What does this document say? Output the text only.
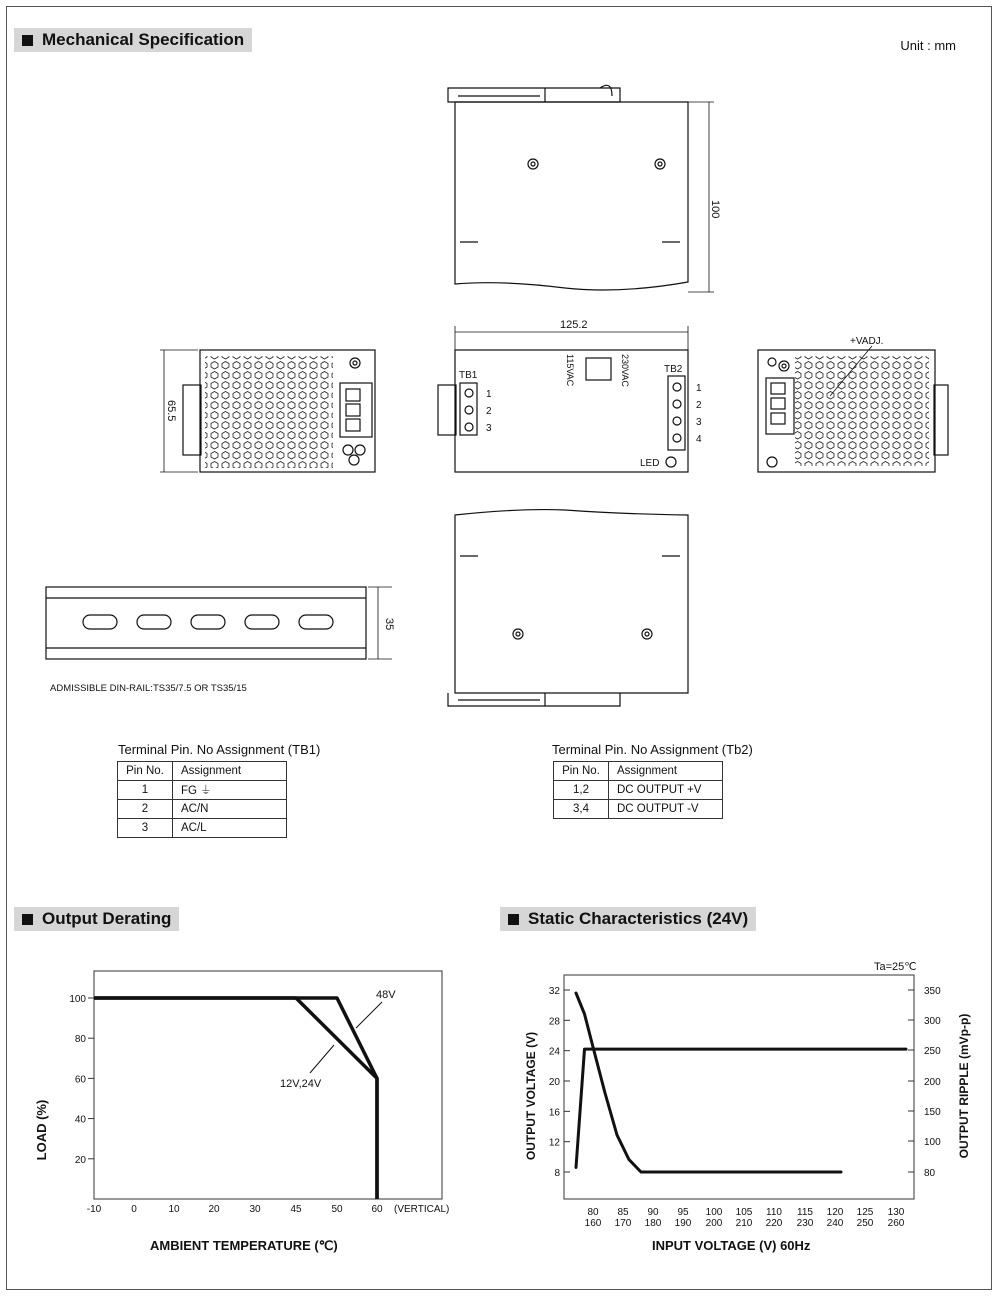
Mechanical Specification	Unit : mm
Output Derating	Static Characteristics (24V)
100
65.5
125.2
TB1
1
2
3
115VAC	230VAC	TB2
1
2
3
4
LED
+VADJ.
35
ADMISSIBLE DIN-RAIL:TS35/7.5 OR TS35/15
Terminal Pin. No Assignment (TB1)
Pin No.	Assignment
1	FG ⏚
2	AC/N
3	AC/L
Terminal Pin. No Assignment (Tb2)
Pin No.	Assignment
1,2	DC OUTPUT +V
3,4	DC OUTPUT -V
20
40
60
80
100
-10	0	10	20	30	45	50	60 (VERTICAL)
AMBIENT TEMPERATURE (℃)
LOAD (%)
48V
12V,24V
8
12
16
20
24
28
32
80
100
150
200
250
300
350
80
160
85
170
90
180
95
190
100
200
105
210
110
220
115
230
120
240
125
250
130
260
Ta=25℃
INPUT VOLTAGE (V) 60Hz
OUTPUT VOLTAGE (V)	OUTPUT RIPPLE (mVp-p)
